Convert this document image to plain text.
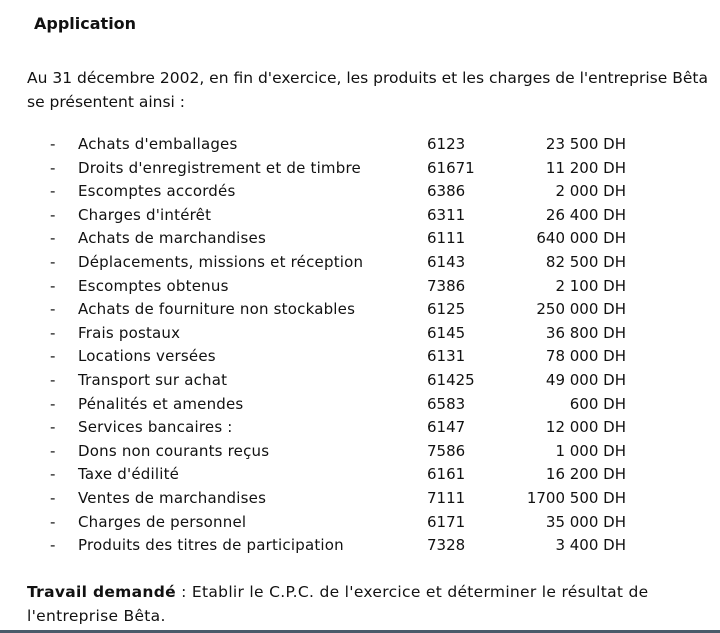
Application
Au 31 décembre 2002, en fin d'exercice, les produits et les charges de l'entreprise Bêta se présentent ainsi :
- Achats d'emballages	6123	23 500 DH
- Droits d'enregistrement et de timbre	61671	11 200 DH
- Escomptes accordés	6386	2 000 DH
- Charges d'intérêt	6311	26 400 DH
- Achats de marchandises	6111	640 000 DH
- Déplacements, missions et réception	6143	82 500 DH
- Escomptes obtenus	7386	2 100 DH
- Achats de fourniture non stockables	6125	250 000 DH
- Frais postaux	6145	36 800 DH
- Locations versées	6131	78 000 DH
- Transport sur achat	61425	49 000 DH
- Pénalités et amendes	6583	600 DH
- Services bancaires :	6147	12 000 DH
- Dons non courants reçus	7586	1 000 DH
- Taxe d'édilité	6161	16 200 DH
- Ventes de marchandises	7111	1700 500 DH
- Charges de personnel	6171	35 000 DH
- Produits des titres de participation	7328	3 400 DH
Travail demandé : Etablir le C.P.C. de l'exercice et déterminer le résultat de l'entreprise Bêta.
